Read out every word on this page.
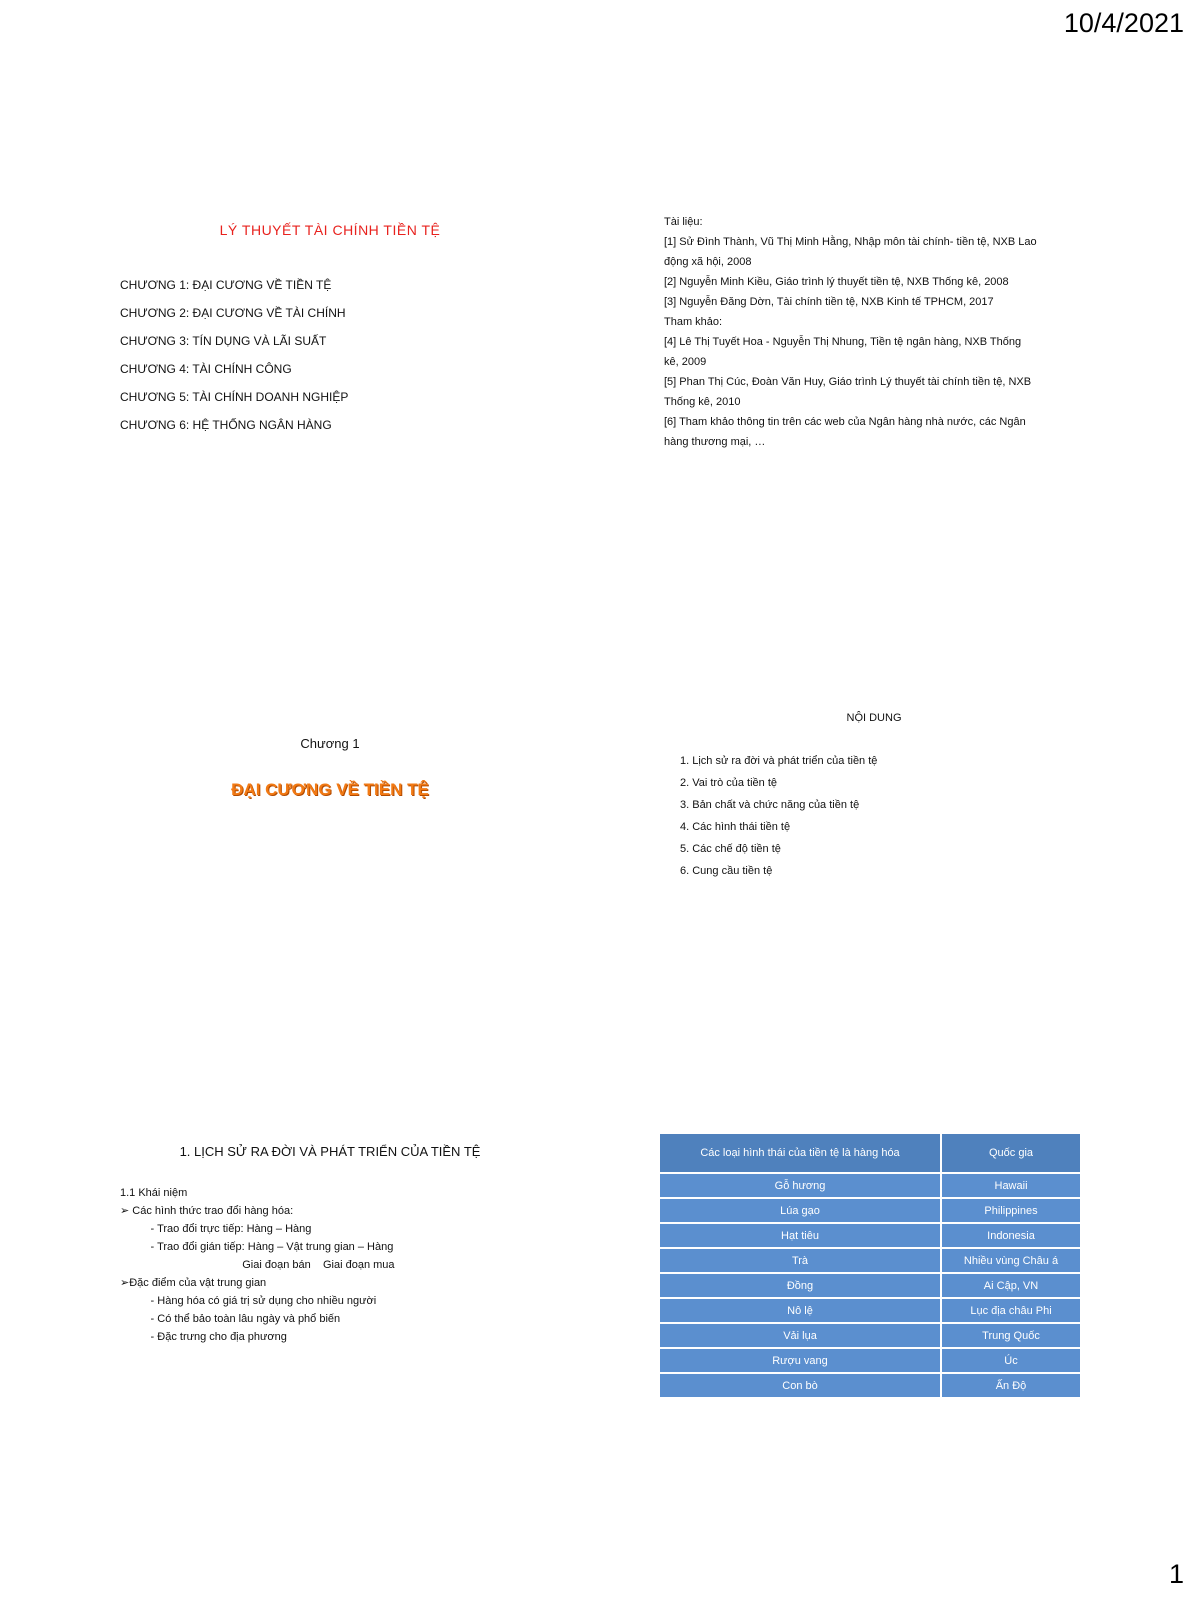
10/4/2021
LÝ THUYẾT TÀI CHÍNH TIỀN TỆ
CHƯƠNG 1: ĐẠI CƯƠNG VỀ TIỀN TỆ
CHƯƠNG 2: ĐẠI CƯƠNG VỀ TÀI CHÍNH
CHƯƠNG 3: TÍN DỤNG VÀ LÃI SUẤT
CHƯƠNG 4: TÀI CHÍNH CÔNG
CHƯƠNG 5: TÀI CHÍNH DOANH NGHIỆP
CHƯƠNG 6: HỆ THỐNG NGÂN HÀNG
Tài liệu:
[1] Sử Đình Thành, Vũ Thị Minh Hằng, Nhập môn tài chính- tiền tệ, NXB Lao
động xã hội, 2008
[2] Nguyễn Minh Kiều, Giáo trình lý thuyết tiền tệ, NXB Thống kê, 2008
[3] Nguyễn Đăng Dờn, Tài chính tiền tệ, NXB Kinh tế TPHCM, 2017
Tham khảo:
[4] Lê Thị Tuyết Hoa - Nguyễn Thị Nhung, Tiền tệ ngân hàng, NXB Thống
kê, 2009
[5] Phan Thị Cúc, Đoàn Văn Huy, Giáo trình Lý thuyết tài chính tiền tệ, NXB
Thống kê, 2010
[6] Tham khảo thông tin trên các web của Ngân hàng nhà nước, các Ngân
hàng thương mại, …
Chương 1
ĐẠI CƯƠNG VỀ TIỀN TỆ
NỘI DUNG
1. Lịch sử ra đời và phát triển của tiền tệ
2. Vai trò của tiền tệ
3. Bản chất và chức năng của tiền tệ
4. Các hình thái tiền tệ
5. Các chế độ tiền tệ
6. Cung cầu tiền tệ
1. LỊCH SỬ RA ĐỜI VÀ PHÁT TRIỂN CỦA TIỀN TỆ
1.1 Khái niệm
➢ Các hình thức trao đổi hàng hóa:
- Trao đổi trực tiếp: Hàng – Hàng
- Trao đổi gián tiếp: Hàng – Vật trung gian – Hàng
Giai đoạn bán    Giai đoạn mua
➢Đặc điểm của vật trung gian
- Hàng hóa có giá trị sử dụng cho nhiều người
- Có thể bảo toàn lâu ngày và phổ biến
- Đặc trưng cho địa phương
Các loại hình thái của tiền tệ là hàng hóa	Quốc gia
Gỗ hương	Hawaii
Lúa gạo	Philippines
Hạt tiêu	Indonesia
Trà	Nhiều vùng Châu á
Đồng	Ai Cập, VN
Nô lệ	Lục địa châu Phi
Vải lụa	Trung Quốc
Rượu vang	Úc
Con bò	Ấn Độ
1
